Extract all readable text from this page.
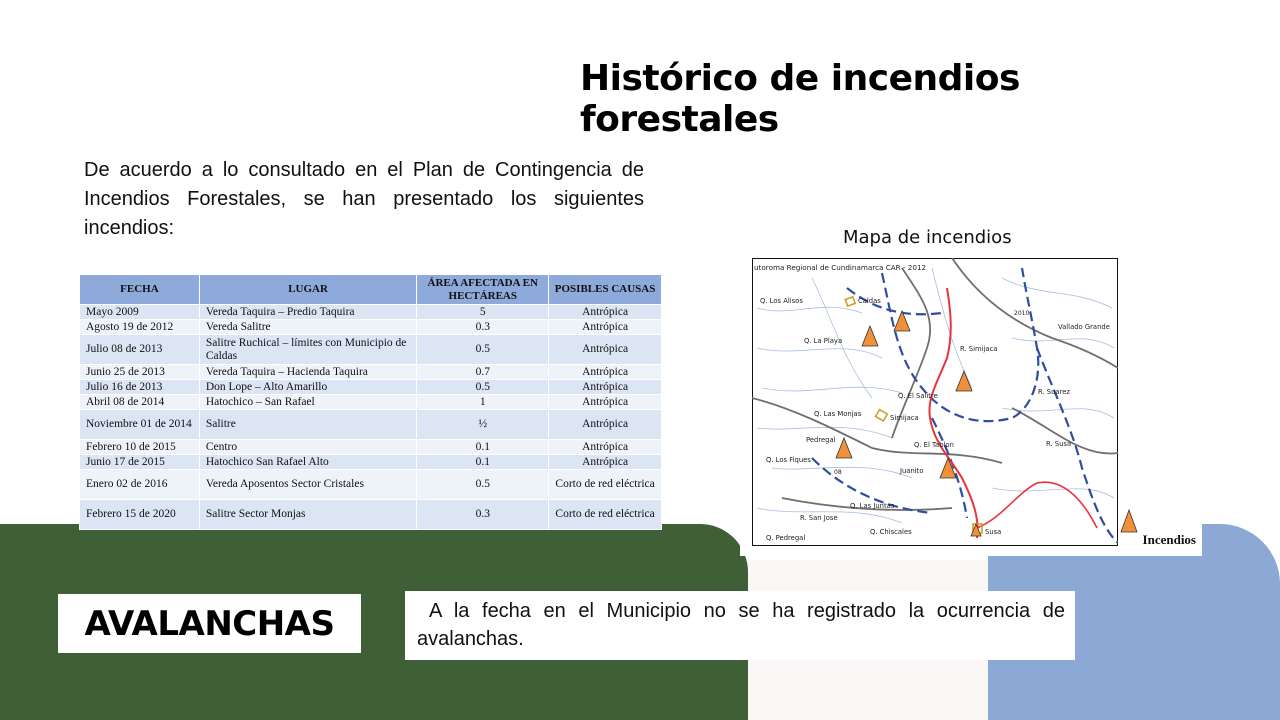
Histórico de incendios forestales

De acuerdo a lo consultado en el Plan de Contingencia de Incendios Forestales, se han presentado los siguientes incendios:

FECHA	LUGAR	ÁREA AFECTADA EN HECTÁREAS	POSIBLES CAUSAS
Mayo 2009	Vereda Taquira – Predio Taquira	5	Antrópica
Agosto 19 de 2012	Vereda Salitre	0.3	Antrópica
Julio 08 de 2013	Salitre Ruchical – límites con Municipio de Caldas	0.5	Antrópica
Junio 25 de 2013	Vereda Taquira – Hacienda Taquira	0.7	Antrópica
Julio 16 de 2013	Don Lope – Alto Amarillo	0.5	Antrópica
Abril 08 de 2014	Hatochico – San Rafael	1	Antrópica
Noviembre 01 de 2014	Salitre	½	Antrópica
Febrero 10 de 2015	Centro	0.1	Antrópica
Junio 17 de 2015	Hatochico San Rafael Alto	0.1	Antrópica
Enero 02 de 2016	Vereda Aposentos Sector Cristales	0.5	Corto de red eléctrica
Febrero 15 de 2020	Salitre Sector Monjas	0.3	Corto de red eléctrica
Mapa de incendios
utoroma Regional de Cundinamarca CAR - 2012
Q. Los Alisos	Caldas
Q. La Playa
R. Simijaca
Vallado Grande
2010
Q. El Salitre	R. Suarez
Q. Las Monjas	Simijaca
Q. El Tablon
Pedregal
Q. Los Fiques
R. Susa
Juanito
08
Q. Las Juntas
R. San Jose
Q. Chiscales	Susa
Q. Pedregal	Incendios
AVALANCHAS	A la fecha en el Municipio no se ha registrado la ocurrencia de avalanchas.
